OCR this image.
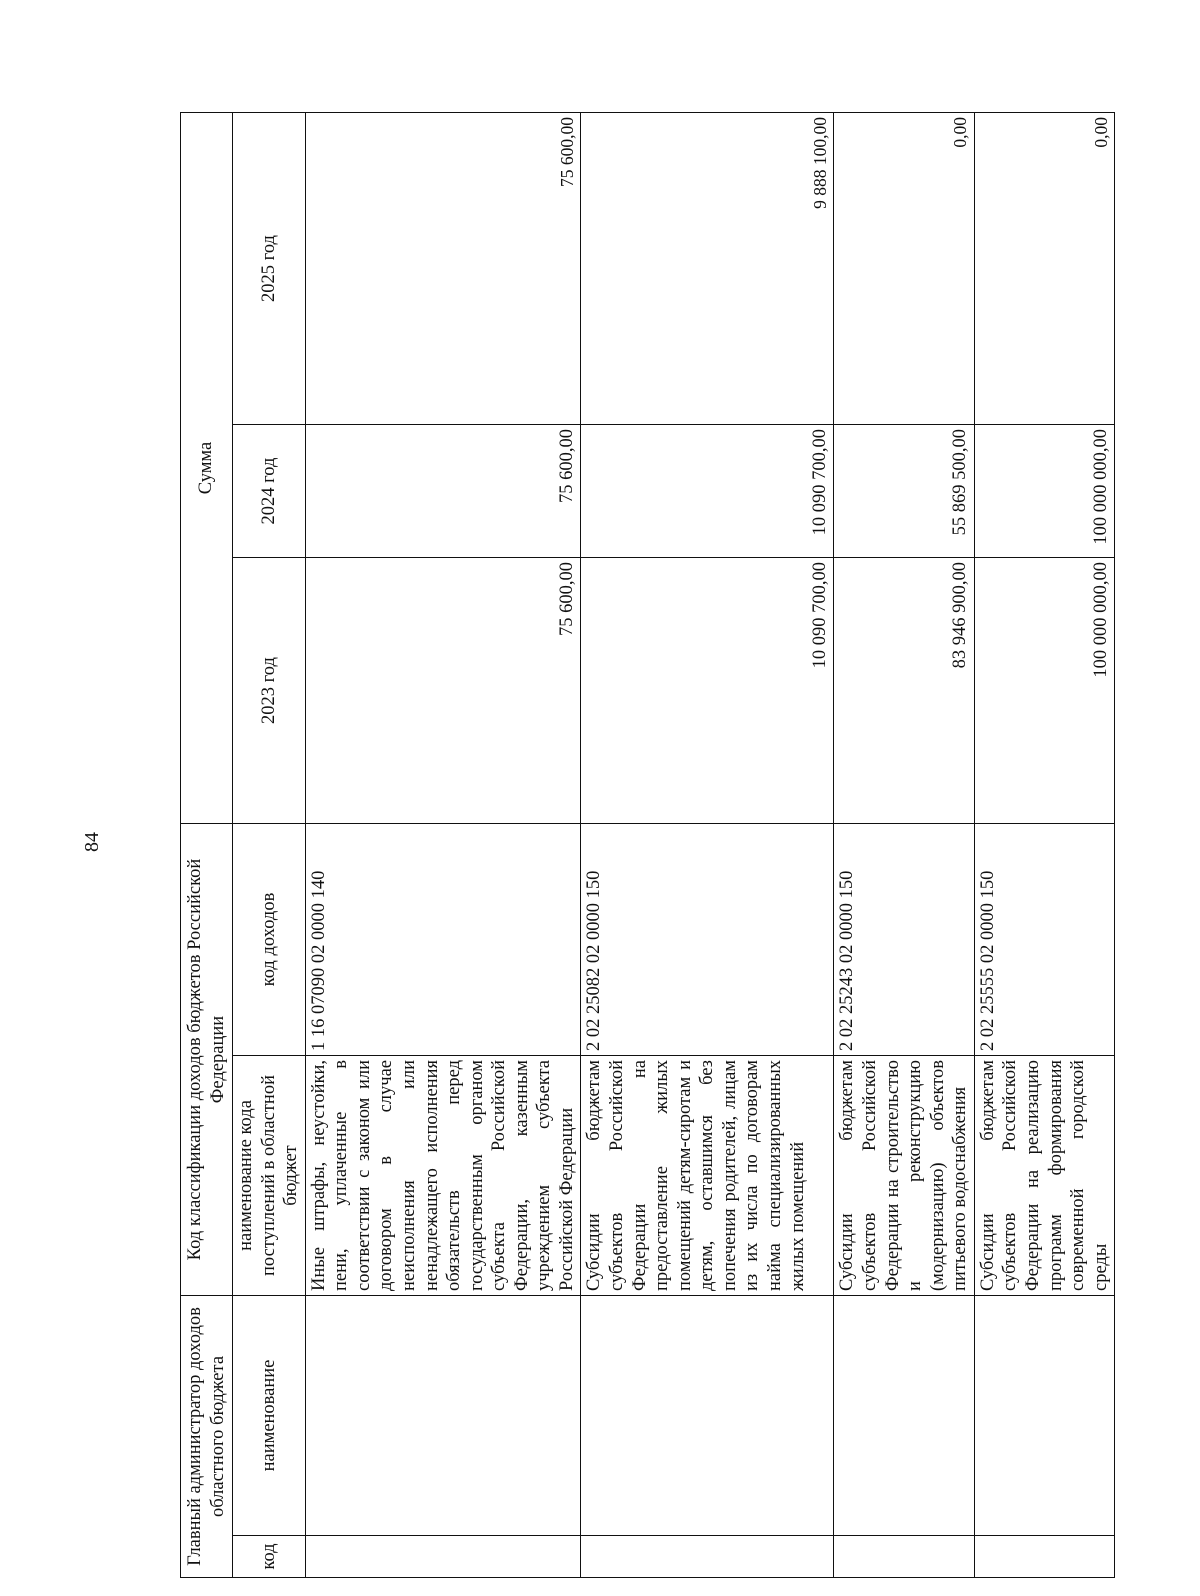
84
Главный администратор доходов областного бюджета		Код классификации доходов бюджетов Российской Федерации		Сумма		
код	наименование	наименование кода поступлений в областной бюджет	код доходов	2023 год	2024 год	2025 год
		Иные штрафы, неустойки, пени, уплаченные в соответствии с законом или договором в случае неисполнения или ненадлежащего исполнения обязательств перед государственным органом субъекта Российской Федерации, казенным учреждением субъекта Российской Федерации	1 16 07090 02 0000 140	75 600,00	75 600,00	75 600,00
		Субсидии бюджетам субъектов Российской Федерации на предоставление жилых помещений детям-сиротам и детям, оставшимся без попечения родителей, лицам из их числа по договорам найма специализированных жилых помещений	2 02 25082 02 0000 150	10 090 700,00	10 090 700,00	9 888 100,00
		Субсидии бюджетам субъектов Российской Федерации на строительство и реконструкцию (модернизацию) объектов питьевого водоснабжения	2 02 25243 02 0000 150	83 946 900,00	55 869 500,00	0,00
		Субсидии бюджетам субъектов Российской Федерации на реализацию программ формирования современной городской среды	2 02 25555 02 0000 150	100 000 000,00	100 000 000,00	0,00
